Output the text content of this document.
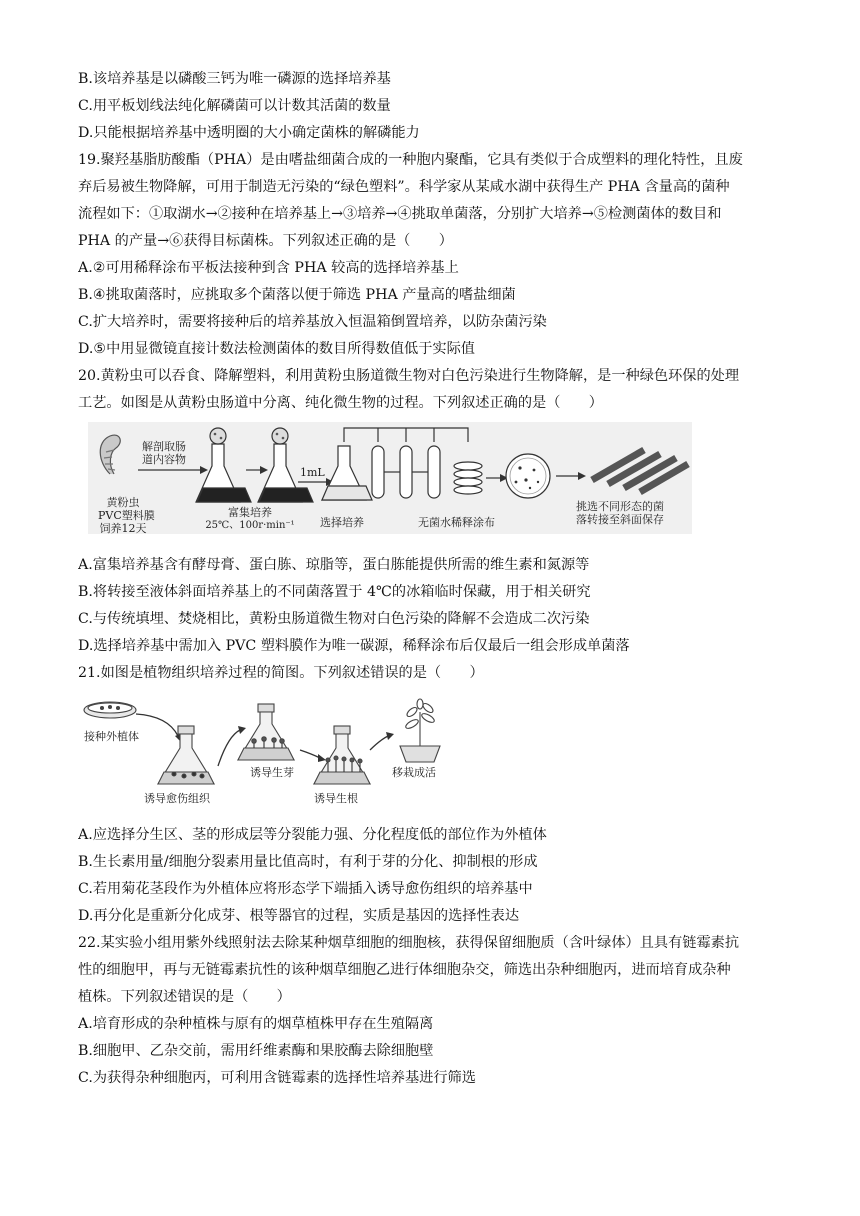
B.该培养基是以磷酸三钙为唯一磷源的选择培养基
C.用平板划线法纯化解磷菌可以计数其活菌的数量
D.只能根据培养基中透明圈的大小确定菌株的解磷能力
19.聚羟基脂肪酸酯（PHA）是由嗜盐细菌合成的一种胞内聚酯，它具有类似于合成塑料的理化特性，且废
弃后易被生物降解，可用于制造无污染的“绿色塑料”。科学家从某咸水湖中获得生产 PHA 含量高的菌种
流程如下：①取湖水→②接种在培养基上→③培养→④挑取单菌落，分别扩大培养→⑤检测菌体的数目和
PHA 的产量→⑥获得目标菌株。下列叙述正确的是（　　）
A.②可用稀释涂布平板法接种到含 PHA 较高的选择培养基上
B.④挑取菌落时，应挑取多个菌落以便于筛选 PHA 产量高的嗜盐细菌
C.扩大培养时，需要将接种后的培养基放入恒温箱倒置培养，以防杂菌污染
D.⑤中用显微镜直接计数法检测菌体的数目所得数值低于实际值
20.黄粉虫可以吞食、降解塑料，利用黄粉虫肠道微生物对白色污染进行生物降解，是一种绿色环保的处理
工艺。如图是从黄粉虫肠道中分离、纯化微生物的过程。下列叙述正确的是（　　）
黄粉虫
PVC塑料膜
饲养12天
解剖取肠
道内容物
富集培养
25℃、100r·min⁻¹
1mL
选择培养	无菌水稀释涂布
挑选不同形态的菌
落转接至斜面保存
A.富集培养基含有酵母膏、蛋白胨、琼脂等，蛋白胨能提供所需的维生素和氮源等
B.将转接至液体斜面培养基上的不同菌落置于 4℃的冰箱临时保藏，用于相关研究
C.与传统填埋、焚烧相比，黄粉虫肠道微生物对白色污染的降解不会造成二次污染
D.选择培养基中需加入 PVC 塑料膜作为唯一碳源，稀释涂布后仅最后一组会形成单菌落
21.如图是植物组织培养过程的简图。下列叙述错误的是（　　）
接种外植体
诱导愈伤组织
诱导生芽
诱导生根
移栽成活
A.应选择分生区、茎的形成层等分裂能力强、分化程度低的部位作为外植体
B.生长素用量/细胞分裂素用量比值高时，有利于芽的分化、抑制根的形成
C.若用菊花茎段作为外植体应将形态学下端插入诱导愈伤组织的培养基中
D.再分化是重新分化成芽、根等器官的过程，实质是基因的选择性表达
22.某实验小组用紫外线照射法去除某种烟草细胞的细胞核，获得保留细胞质（含叶绿体）且具有链霉素抗
性的细胞甲，再与无链霉素抗性的该种烟草细胞乙进行体细胞杂交，筛选出杂种细胞丙，进而培育成杂种
植株。下列叙述错误的是（　　）
A.培育形成的杂种植株与原有的烟草植株甲存在生殖隔离
B.细胞甲、乙杂交前，需用纤维素酶和果胶酶去除细胞壁
C.为获得杂种细胞丙，可利用含链霉素的选择性培养基进行筛选
